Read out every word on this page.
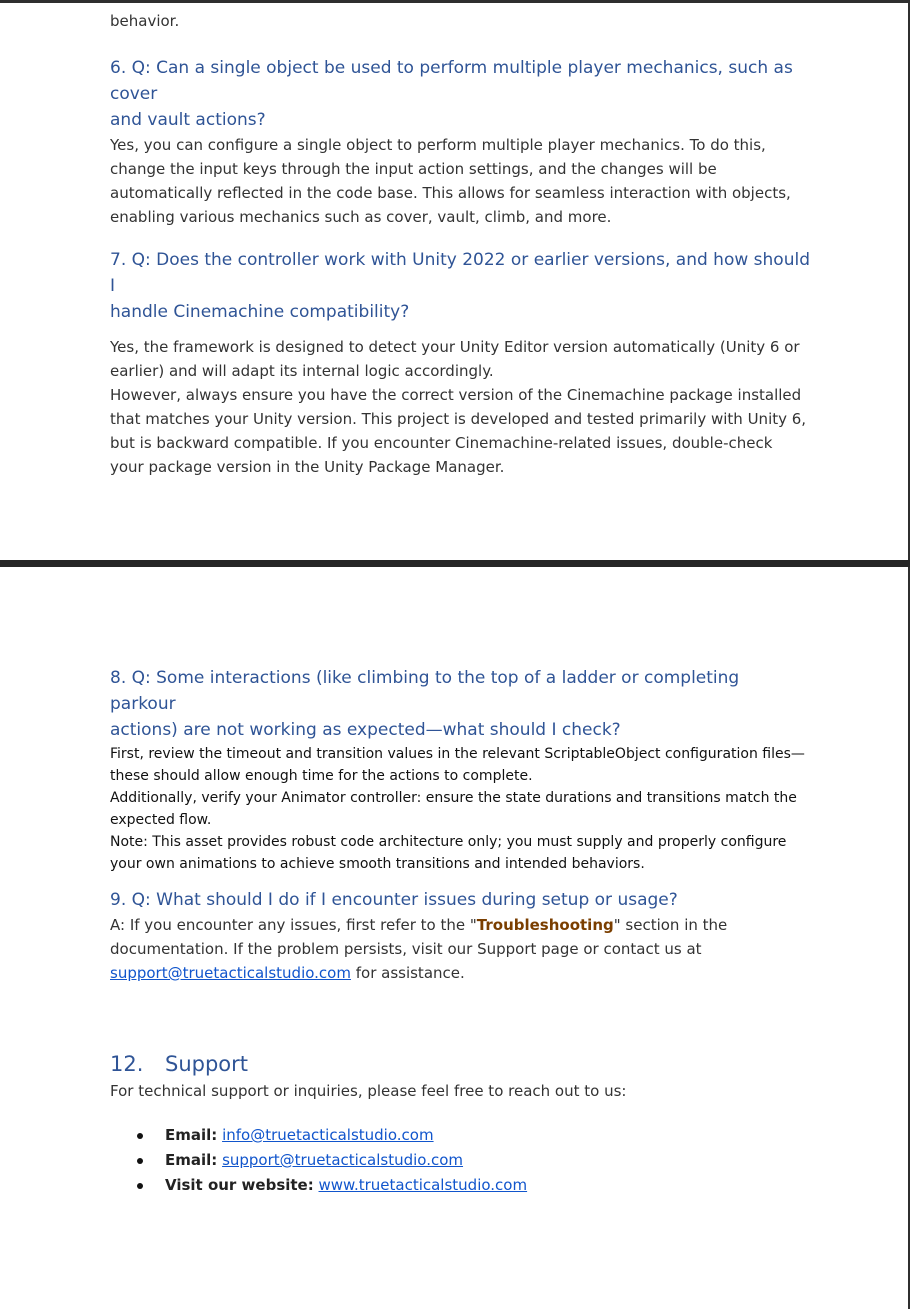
behavior.

6. Q: Can a single object be used to perform multiple player mechanics, such as cover
and vault actions?

Yes, you can configure a single object to perform multiple player mechanics. To do this,
change the input keys through the input action settings, and the changes will be
automatically reflected in the code base. This allows for seamless interaction with objects,
enabling various mechanics such as cover, vault, climb, and more.

7. Q: Does the controller work with Unity 2022 or earlier versions, and how should I
handle Cinemachine compatibility?

Yes, the framework is designed to detect your Unity Editor version automatically (Unity 6 or
earlier) and will adapt its internal logic accordingly.
However, always ensure you have the correct version of the Cinemachine package installed
that matches your Unity version. This project is developed and tested primarily with Unity 6,
but is backward compatible. If you encounter Cinemachine-related issues, double-check
your package version in the Unity Package Manager.

8. Q: Some interactions (like climbing to the top of a ladder or completing parkour
actions) are not working as expected—what should I check?

First, review the timeout and transition values in the relevant ScriptableObject configuration files—
these should allow enough time for the actions to complete.
Additionally, verify your Animator controller: ensure the state durations and transitions match the
expected flow.
Note: This asset provides robust code architecture only; you must supply and properly configure
your own animations to achieve smooth transitions and intended behaviors.

9. Q: What should I do if I encounter issues during setup or usage?

A: If you encounter any issues, first refer to the "Troubleshooting" section in the
documentation. If the problem persists, visit our Support page or contact us at
support@truetacticalstudio.com for assistance.

12. Support

For technical support or inquiries, please feel free to reach out to us:

Email: info@truetacticalstudio.com
Email: support@truetacticalstudio.com
Visit our website: www.truetacticalstudio.com
